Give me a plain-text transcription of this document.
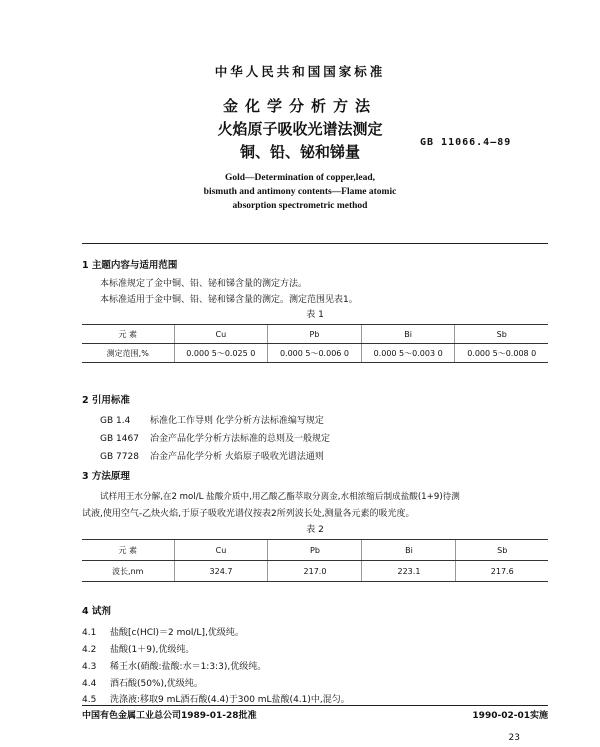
中华人民共和国国家标准
金化学分析方法
火焰原子吸收光谱法测定
铜、铅、铋和锑量
GB 11066.4—89
Gold—Determination of copper,lead,
bismuth and antimony contents—Flame atomic
absorption spectrometric method
1 主题内容与适用范围
本标准规定了金中铜、铅、铋和锑含量的测定方法。
本标准适用于金中铜、铅、铋和锑含量的测定。测定范围见表1。
表 1
元 素	Cu	Pb	Bi	Sb
测定范围,%	0.000 5～0.025 0	0.000 5～0.006 0	0.000 5～0.003 0	0.000 5～0.008 0
2 引用标准
GB 1.4 标准化工作导则 化学分析方法标准编写规定
GB 1467 冶金产品化学分析方法标准的总则及一般规定
GB 7728 冶金产品化学分析 火焰原子吸收光谱法通则
3 方法原理
试样用王水分解,在2 mol/L 盐酸介质中,用乙酸乙酯萃取分离金,水相浓缩后制成盐酸(1+9)待测
试液,使用空气-乙炔火焰,于原子吸收光谱仪按表2所列波长处,测量各元素的吸光度。
表 2
元 素	Cu	Pb	Bi	Sb
波长,nm	324.7	217.0	223.1	217.6
4 试剂
4.1 盐酸[c(HCl)＝2 mol/L],优级纯。
4.2 盐酸(1＋9),优级纯。
4.3 稀王水(硝酸:盐酸:水＝1:3:3),优级纯。
4.4 酒石酸(50%),优级纯。
4.5 洗涤液:移取9 mL酒石酸(4.4)于300 mL盐酸(4.1)中,混匀。
中国有色金属工业总公司1989-01-28批准	1990-02-01实施
23
